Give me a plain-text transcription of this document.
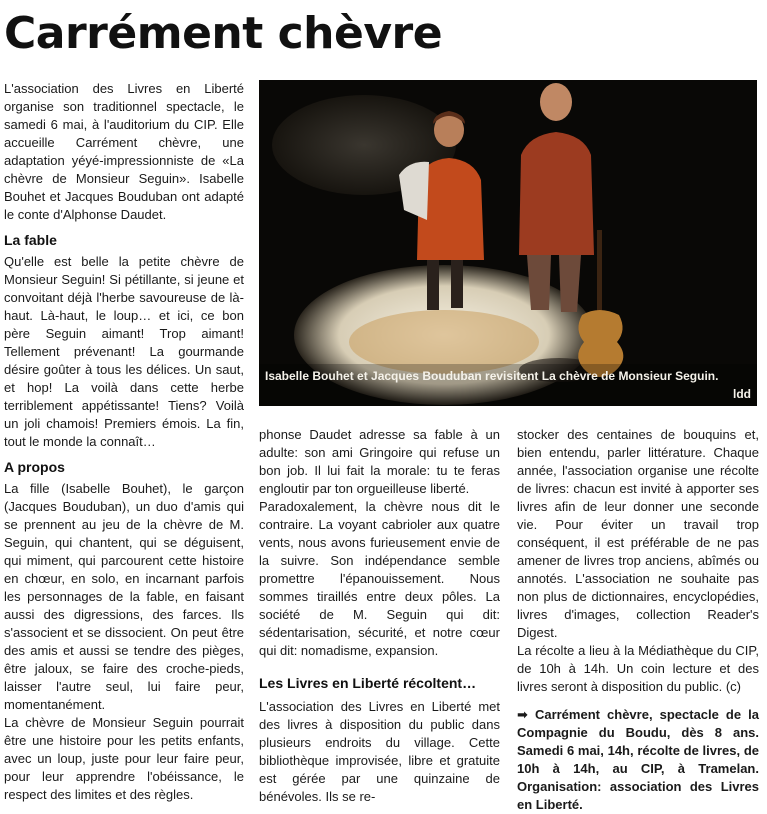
Carrément chèvre

L'association des Livres en Liberté organise son traditionnel spectacle, le samedi 6 mai, à l'auditorium du CIP. Elle accueille Carrément chèvre, une adaptation yéyé-impressionniste de «La chèvre de Monsieur Seguin». Isabelle Bouhet et Jacques Bouduban ont adapté le conte d'Alphonse Daudet.

La fable

Qu'elle est belle la petite chèvre de Monsieur Seguin! Si pétillante, si jeune et convoitant déjà l'herbe savoureuse de là-haut. Là-haut, le loup… et ici, ce bon père Seguin aimant! Trop aimant! Tellement prévenant! La gourmande désire goûter à tous les délices. Un saut, et hop! La voilà dans cette herbe terriblement appétissante! Tiens? Voilà un joli chamois! Premiers émois. La fin, tout le monde la connaît…

A propos

La fille (Isabelle Bouhet), le garçon (Jacques Bouduban), un duo d'amis qui se prennent au jeu de la chèvre de M. Seguin, qui chantent, qui se déguisent, qui miment, qui parcourent cette histoire en chœur, en solo, en incarnant parfois les personnages de la fable, en faisant aussi des digressions, des farces. Ils s'associent et se dissocient. On peut être des amis et aussi se tendre des pièges, être jaloux, se faire des croche-pieds, laisser l'autre seul, lui faire peur, momentanément.

La chèvre de Monsieur Seguin pourrait être une histoire pour les petits enfants, avec un loup, juste pour leur faire peur, pour leur apprendre l'obéissance, le respect des limites et des règles.

Isabelle Bouhet et Jacques Bouduban revisitent La chèvre de Monsieur Seguin.
ldd

phonse Daudet adresse sa fable à un adulte: son ami Gringoire qui refuse un bon job. Il lui fait la morale: tu te feras engloutir par ton orgueilleuse liberté.

Paradoxalement, la chèvre nous dit le contraire. La voyant cabrioler aux quatre vents, nous avons furieusement envie de la suivre. Son indépendance semble promettre l'épanouissement. Nous sommes tiraillés entre deux pôles. La société de M. Seguin qui dit: sédentarisation, sécurité, et notre cœur qui dit: nomadisme, expansion.

Les Livres en Liberté récoltent…

L'association des Livres en Liberté met des livres à disposition du public dans plusieurs endroits du village. Cette bibliothèque improvisée, libre et gratuite est gérée par une quinzaine de bénévoles. Ils se re-

stocker des centaines de bouquins et, bien entendu, parler littérature. Chaque année, l'association organise une récolte de livres: chacun est invité à apporter ses livres afin de leur donner une seconde vie. Pour éviter un travail trop conséquent, il est préférable de ne pas amener de livres trop anciens, abîmés ou annotés. L'association ne souhaite pas non plus de dictionnaires, encyclopédies, livres d'images, collection Reader's Digest.

La récolte a lieu à la Médiathèque du CIP, de 10h à 14h. Un coin lecture et des livres seront à disposition du public. (c)

➡ Carrément chèvre, spectacle de la Compagnie du Boudu, dès 8 ans. Samedi 6 mai, 14h, récolte de livres, de 10h à 14h, au CIP, à Tramelan. Organisation: association des Livres en Liberté.
